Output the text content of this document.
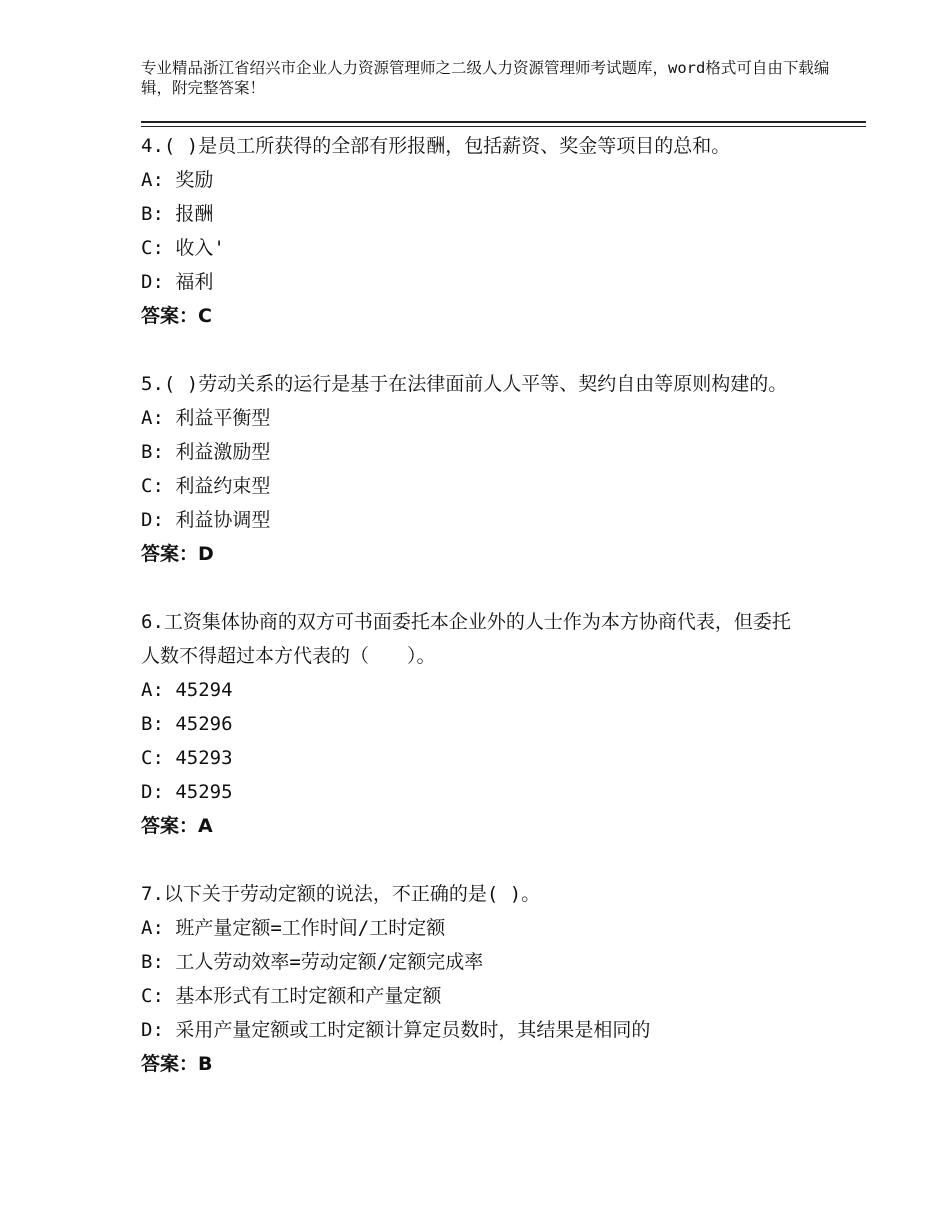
专业精品浙江省绍兴市企业人力资源管理师之二级人力资源管理师考试题库，word格式可自由下载编辑，附完整答案！
4.( )是员工所获得的全部有形报酬，包括薪资、奖金等项目的总和。
A: 奖励
B: 报酬
C: 收入'
D: 福利
答案：C
5.( )劳动关系的运行是基于在法律面前人人平等、契约自由等原则构建的。
A: 利益平衡型
B: 利益激励型
C: 利益约束型
D: 利益协调型
答案：D
6.工资集体协商的双方可书面委托本企业外的人士作为本方协商代表，但委托人数不得超过本方代表的（　　）。
A: 45294
B: 45296
C: 45293
D: 45295
答案：A
7.以下关于劳动定额的说法，不正确的是( )。
A: 班产量定额=工作时间/工时定额
B: 工人劳动效率=劳动定额/定额完成率
C: 基本形式有工时定额和产量定额
D: 采用产量定额或工时定额计算定员数时，其结果是相同的
答案：B
